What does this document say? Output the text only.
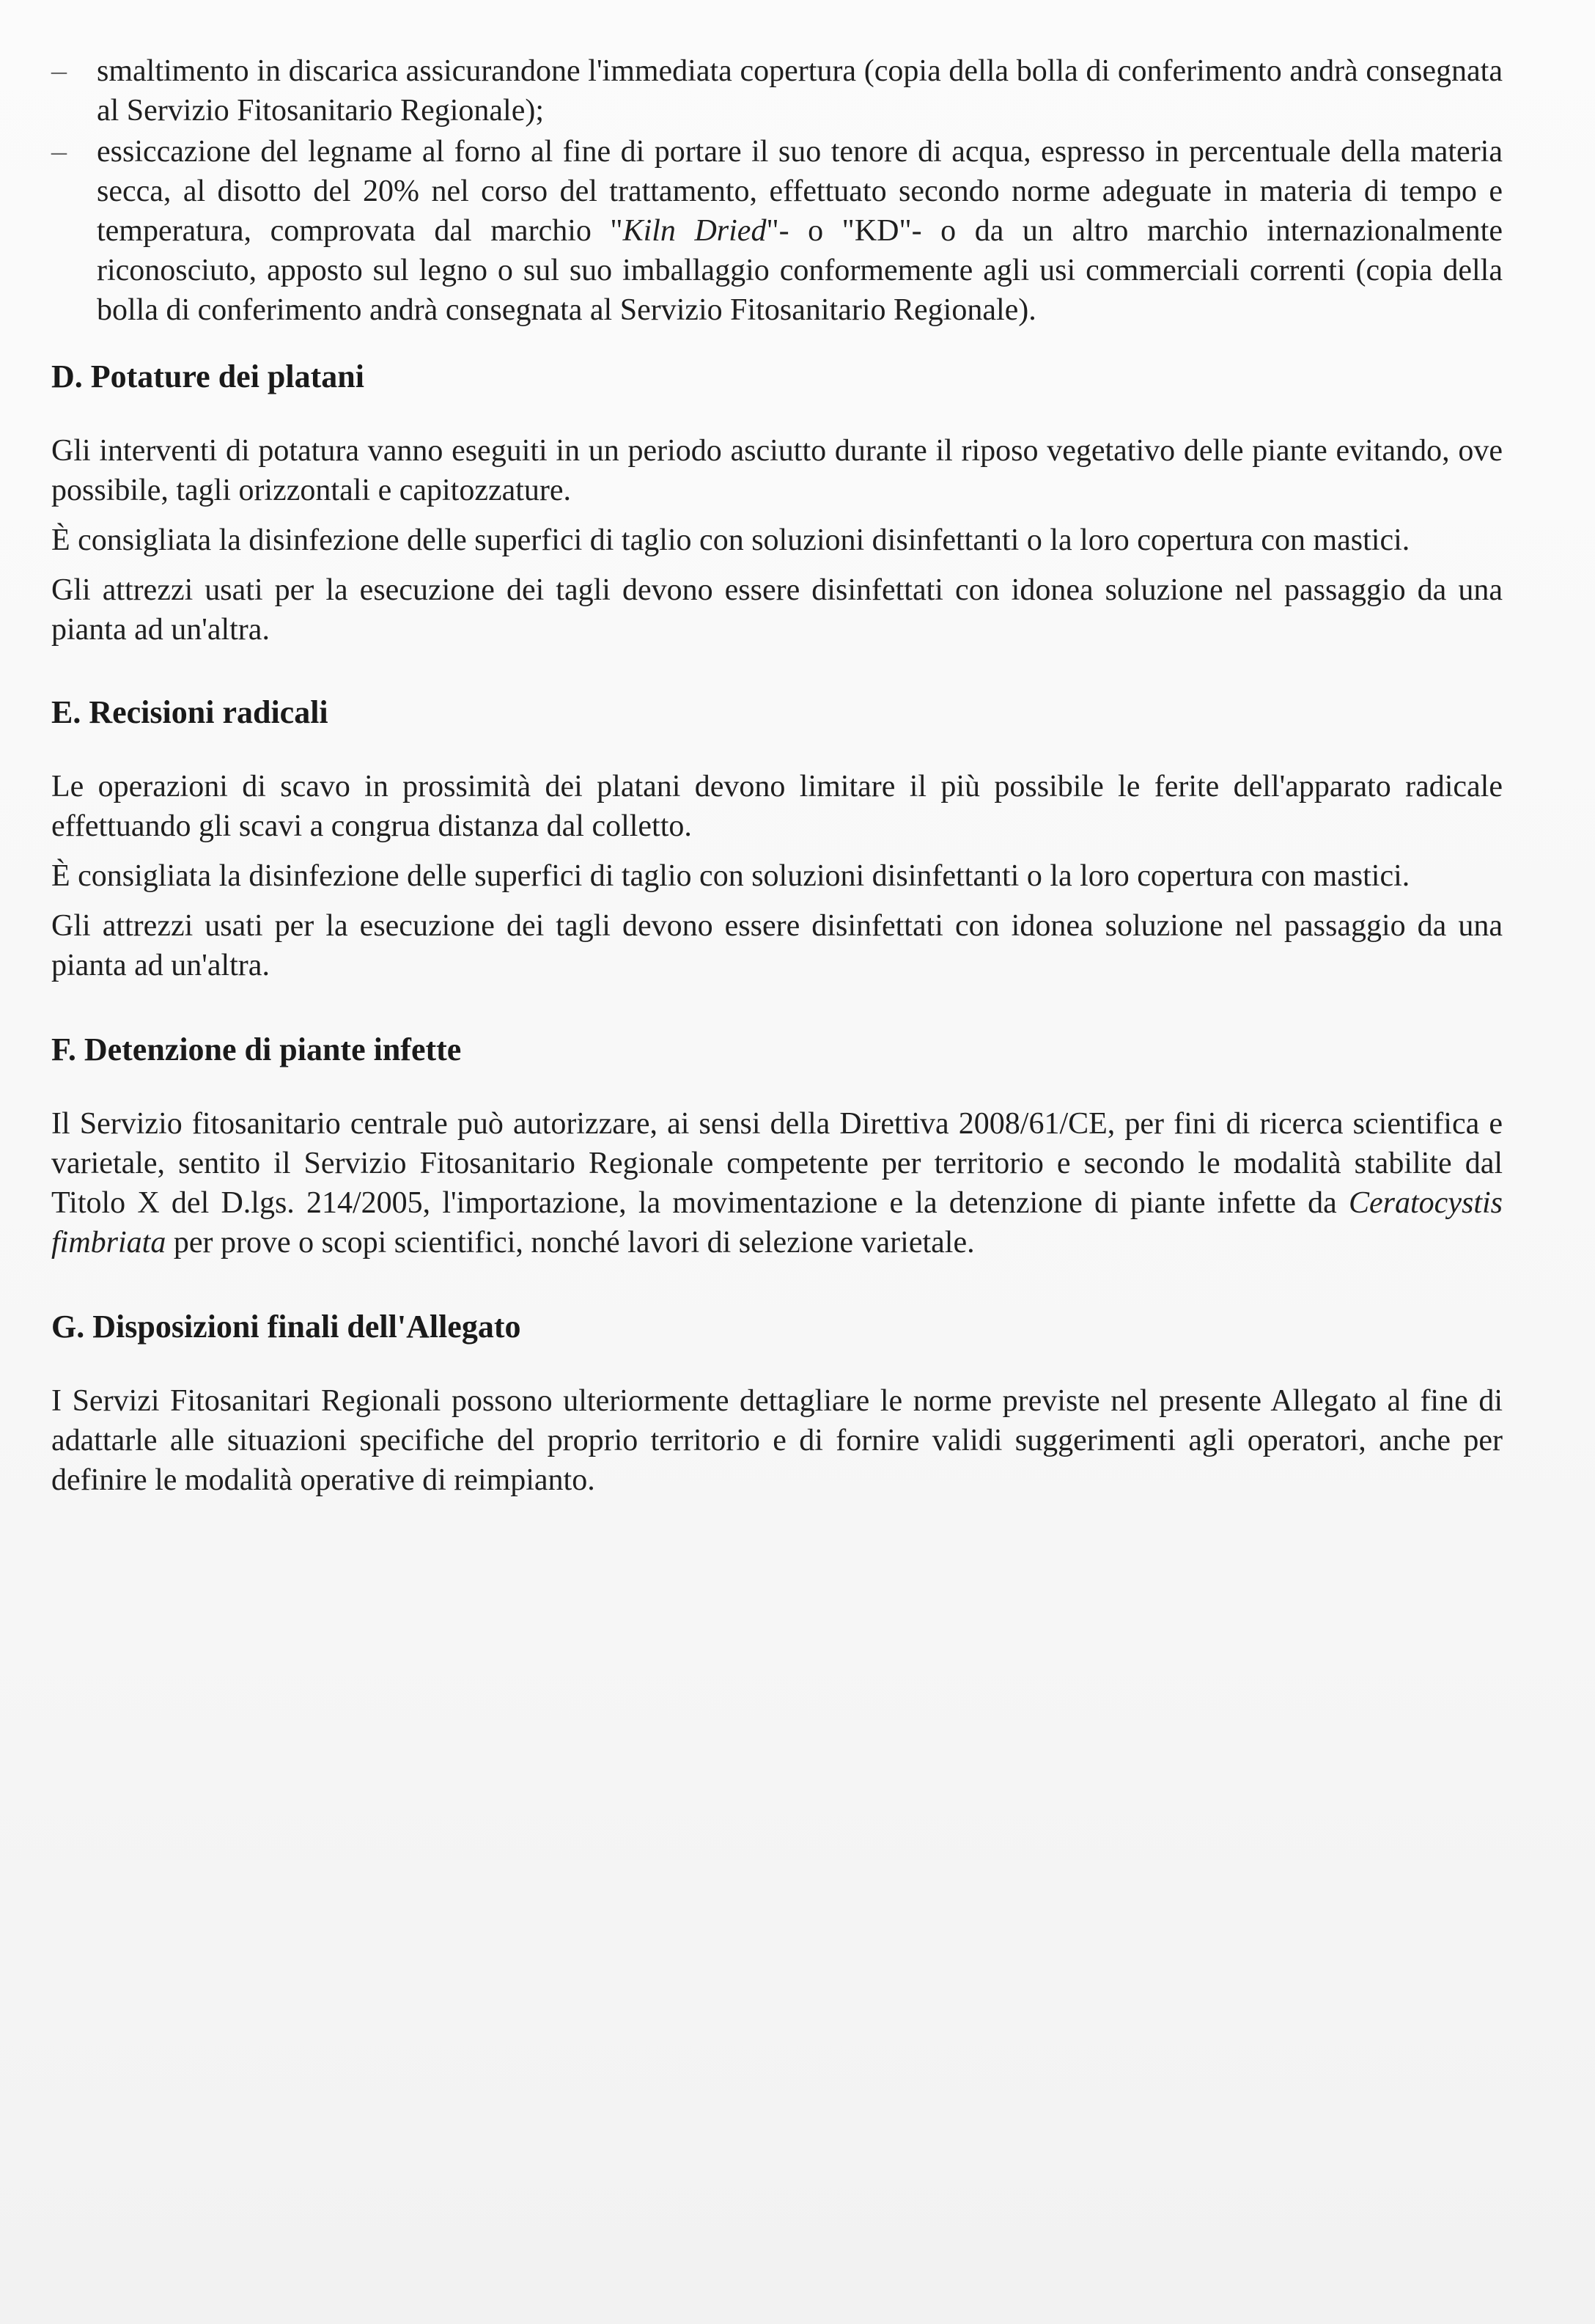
– smaltimento in discarica assicurandone l'immediata copertura (copia della bolla di conferimento andrà consegnata al Servizio Fitosanitario Regionale);
– essiccazione del legname al forno al fine di portare il suo tenore di acqua, espresso in percentuale della materia secca, al disotto del 20% nel corso del trattamento, effettuato secondo norme adeguate in materia di tempo e temperatura, comprovata dal marchio "Kiln Dried"- o "KD"- o da un altro marchio internazionalmente riconosciuto, apposto sul legno o sul suo imballaggio conformemente agli usi commerciali correnti (copia della bolla di conferimento andrà consegnata al Servizio Fitosanitario Regionale).
D. Potature dei platani

Gli interventi di potatura vanno eseguiti in un periodo asciutto durante il riposo vegetativo delle piante evitando, ove possibile, tagli orizzontali e capitozzature.

È consigliata la disinfezione delle superfici di taglio con soluzioni disinfettanti o la loro copertura con mastici.

Gli attrezzi usati per la esecuzione dei tagli devono essere disinfettati con idonea soluzione nel passaggio da una pianta ad un'altra.

E. Recisioni radicali

Le operazioni di scavo in prossimità dei platani devono limitare il più possibile le ferite dell'apparato radicale effettuando gli scavi a congrua distanza dal colletto.

È consigliata la disinfezione delle superfici di taglio con soluzioni disinfettanti o la loro copertura con mastici.

Gli attrezzi usati per la esecuzione dei tagli devono essere disinfettati con idonea soluzione nel passaggio da una pianta ad un'altra.

F. Detenzione di piante infette

Il Servizio fitosanitario centrale può autorizzare, ai sensi della Direttiva 2008/61/CE, per fini di ricerca scientifica e varietale, sentito il Servizio Fitosanitario Regionale competente per territorio e secondo le modalità stabilite dal Titolo X del D.lgs. 214/2005, l'importazione, la movimentazione e la detenzione di piante infette da Ceratocystis fimbriata per prove o scopi scientifici, nonché lavori di selezione varietale.

G. Disposizioni finali dell'Allegato

I Servizi Fitosanitari Regionali possono ulteriormente dettagliare le norme previste nel presente Allegato al fine di adattarle alle situazioni specifiche del proprio territorio e di fornire validi suggerimenti agli operatori, anche per definire le modalità operative di reimpianto.
